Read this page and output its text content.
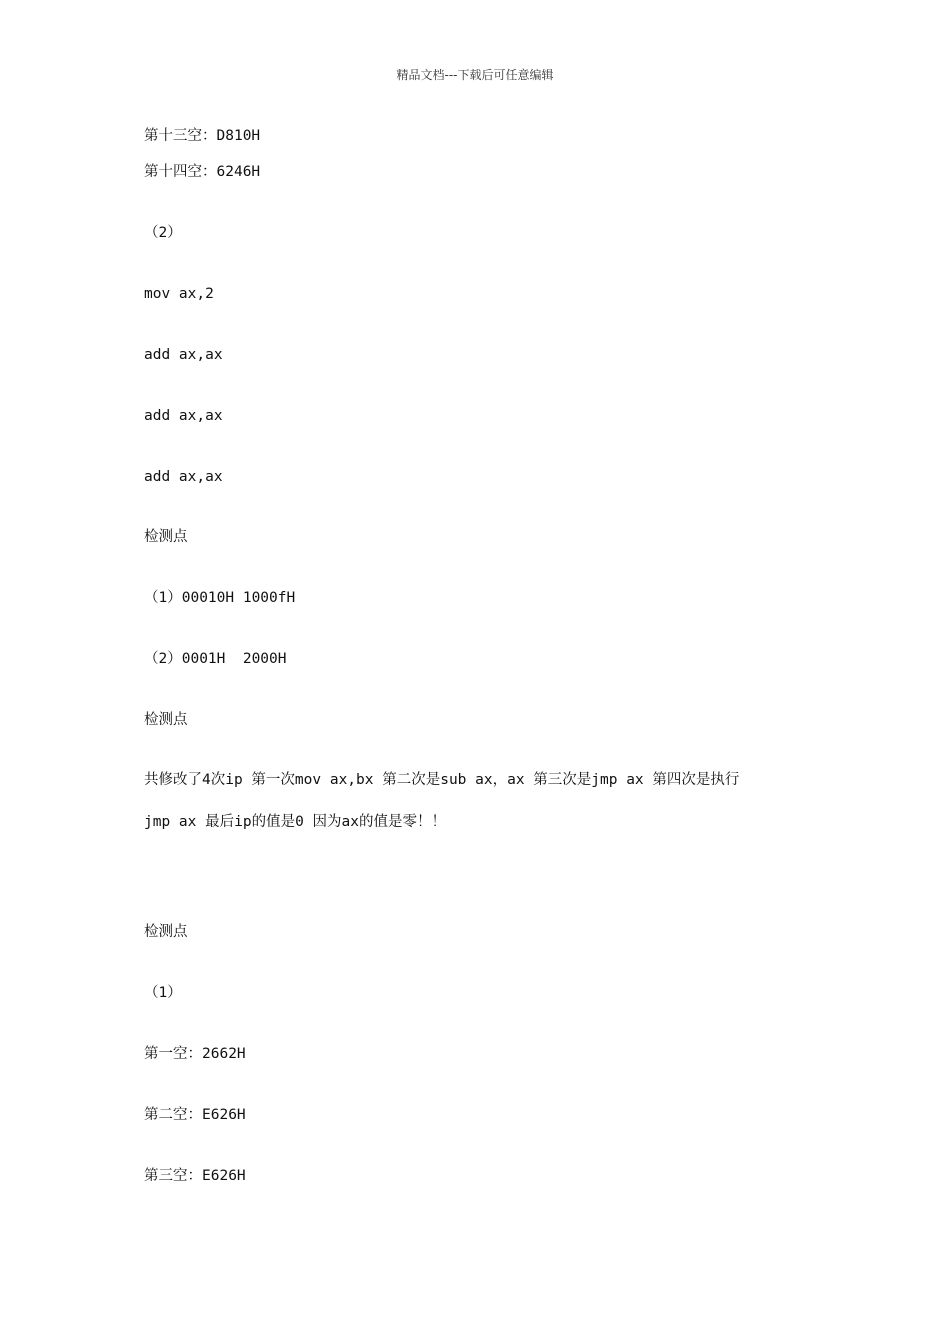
精品文档---下载后可任意编辑
第十三空：D810H
第十四空：6246H
（2）
mov ax,2
add ax,ax
add ax,ax
add ax,ax
检测点
（1）00010H 1000fH
（2）0001H  2000H
检测点
共修改了4次ip 第一次mov ax,bx 第二次是sub ax，ax 第三次是jmp ax 第四次是执行
jmp ax 最后ip的值是0 因为ax的值是零！！
检测点
（1）
第一空：2662H
第二空：E626H
第三空：E626H
